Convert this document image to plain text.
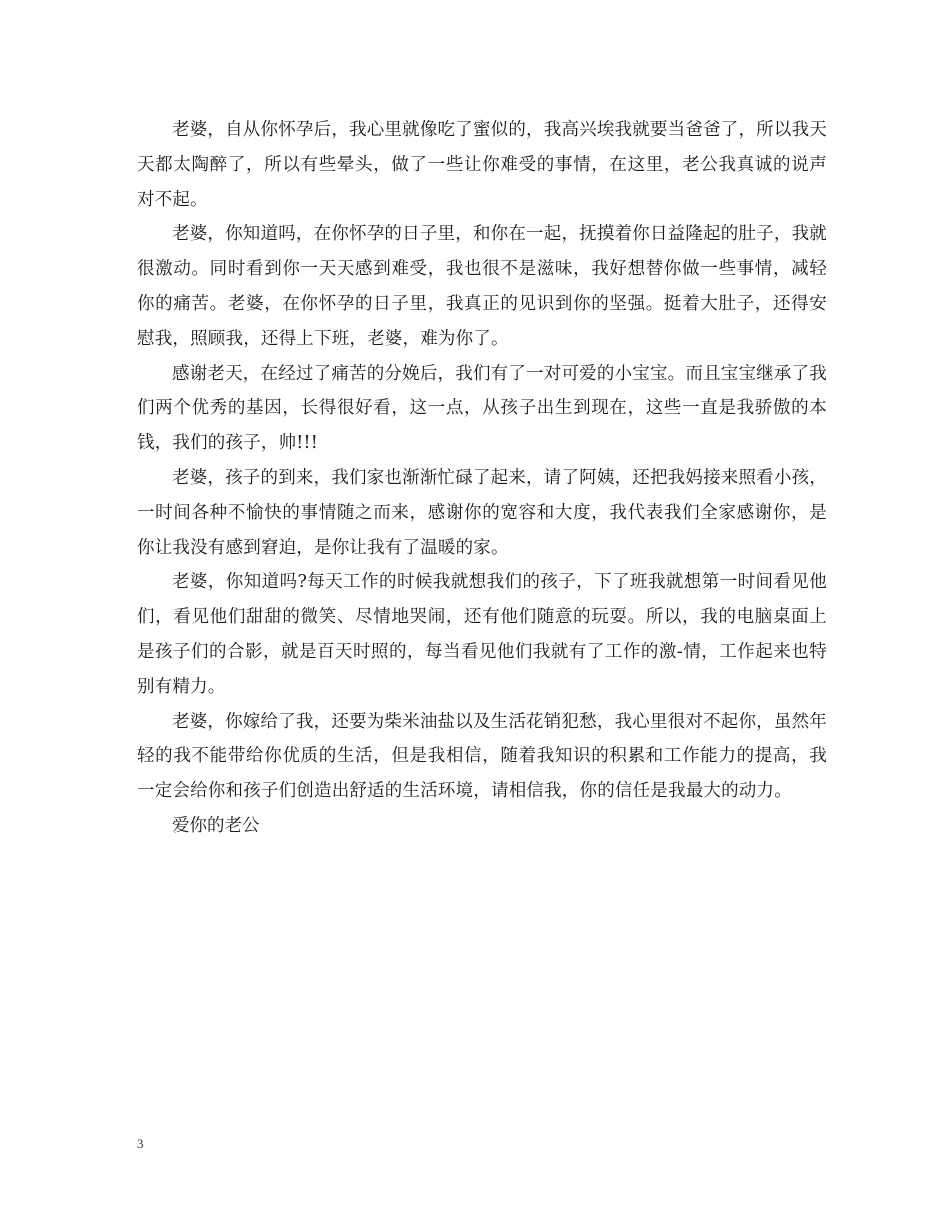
老婆，自从你怀孕后，我心里就像吃了蜜似的，我高兴埃我就要当爸爸了，所以我天天都太陶醉了，所以有些晕头，做了一些让你难受的事情，在这里，老公我真诚的说声对不起。

老婆，你知道吗，在你怀孕的日子里，和你在一起，抚摸着你日益隆起的肚子，我就很激动。同时看到你一天天感到难受，我也很不是滋味，我好想替你做一些事情，减轻你的痛苦。老婆，在你怀孕的日子里，我真正的见识到你的坚强。挺着大肚子，还得安慰我，照顾我，还得上下班，老婆，难为你了。

感谢老天，在经过了痛苦的分娩后，我们有了一对可爱的小宝宝。而且宝宝继承了我们两个优秀的基因，长得很好看，这一点，从孩子出生到现在，这些一直是我骄傲的本钱，我们的孩子，帅!!!

老婆，孩子的到来，我们家也渐渐忙碌了起来，请了阿姨，还把我妈接来照看小孩，一时间各种不愉快的事情随之而来，感谢你的宽容和大度，我代表我们全家感谢你，是你让我没有感到窘迫，是你让我有了温暖的家。

老婆，你知道吗?每天工作的时候我就想我们的孩子，下了班我就想第一时间看见他们，看见他们甜甜的微笑、尽情地哭闹，还有他们随意的玩耍。所以，我的电脑桌面上是孩子们的合影，就是百天时照的，每当看见他们我就有了工作的激-情，工作起来也特别有精力。

老婆，你嫁给了我，还要为柴米油盐以及生活花销犯愁，我心里很对不起你，虽然年轻的我不能带给你优质的生活，但是我相信，随着我知识的积累和工作能力的提高，我一定会给你和孩子们创造出舒适的生活环境，请相信我，你的信任是我最大的动力。

爱你的老公

3
